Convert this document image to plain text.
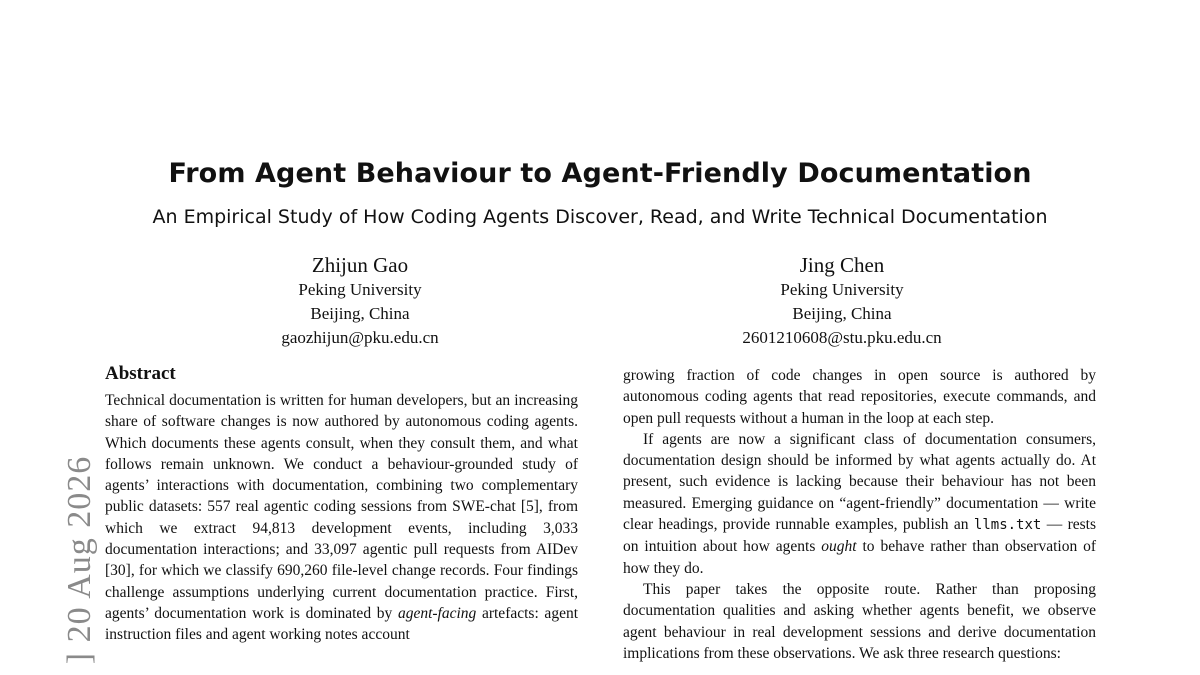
From Agent Behaviour to Agent-Friendly Documentation
An Empirical Study of How Coding Agents Discover, Read, and Write Technical Documentation
Zhijun Gao
Peking University
Beijing, China
gaozhijun@pku.edu.cn
Jing Chen
Peking University
Beijing, China
2601210608@stu.pku.edu.cn
] 20 Aug 2026
Abstract

Technical documentation is written for human developers, but an increasing share of software changes is now authored by autonomous coding agents. Which documents these agents consult, when they consult them, and what follows remain unknown. We conduct a behaviour-grounded study of agents’ interactions with documentation, combining two complementary public datasets: 557 real agentic coding sessions from SWE-chat [5], from which we extract 94,813 development events, including 3,033 documentation interactions; and 33,097 agentic pull requests from AIDev [30], for which we classify 690,260 file-level change records. Four findings challenge assumptions underlying current documentation practice. First, agents’ documentation work is dominated by agent-facing artefacts: agent instruction files and agent working notes account

growing fraction of code changes in open source is authored by autonomous coding agents that read repositories, execute commands, and open pull requests without a human in the loop at each step.

If agents are now a significant class of documentation consumers, documentation design should be informed by what agents actually do. At present, such evidence is lacking because their behaviour has not been measured. Emerging guidance on “agent-friendly” documentation — write clear headings, provide runnable examples, publish an llms.txt — rests on intuition about how agents ought to behave rather than observation of how they do.

This paper takes the opposite route. Rather than proposing documentation qualities and asking whether agents benefit, we observe agent behaviour in real development sessions and derive documentation implications from these observations. We ask three research questions:
